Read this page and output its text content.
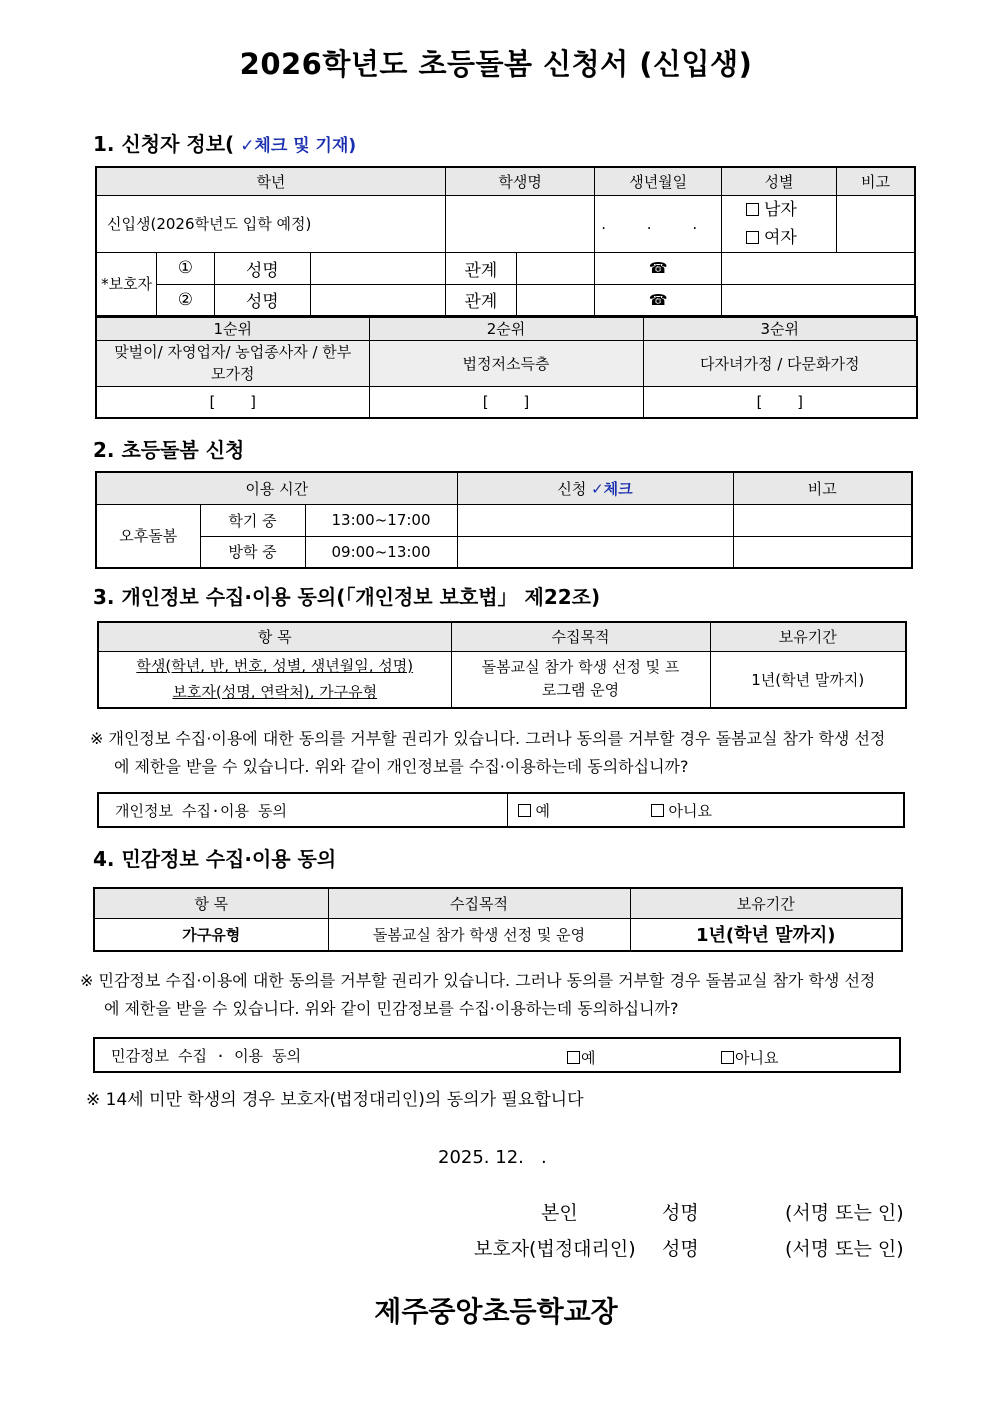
2026학년도 초등돌봄 신청서 (신입생)
1. 신청자 정보( ✓체크 및 기재)
학년				학생명		생년월일	성별	비고
신입생(2026학년도 입학 예정)						. . .	남자
여자	

*보호자	①	성명		관계		☎		
	②	성명		관계		☎		
1순위	2순위	3순위
맞벌이/ 자영업자/ 농업종사자 / 한부모가정	법정저소득층	다자녀가정 / 다문화가정
[ ]	[ ]	[ ]
2. 초등돌봄 신청
이용 시간			신청 ✓체크	비고
오후돌봄	학기 중	13:00~17:00		
	방학 중	09:00~13:00		
3. 개인정보 수집·이용 동의(「개인정보 보호법」 제22조)
항 목	수집목적	보유기간

학생(학년, 반, 번호, 성별, 생년월일, 성명)
보호자(성명, 연락처), 가구유형	돌봄교실 참가 학생 선정 및 프로그램 운영	1년(학년 말까지)
※ 개인정보 수집·이용에 대한 동의를 거부할 권리가 있습니다. 그러나 동의를 거부할 경우 돌봄교실 참가 학생 선정
에 제한을 받을 수 있습니다. 위와 같이 개인정보를 수집·이용하는데 동의하십니까?
개인정보 수집·이용 동의	예	아니요
4. 민감정보 수집·이용 동의
항 목	수집목적	보유기간
가구유형	돌봄교실 참가 학생 선정 및 운영	1년(학년 말까지)
※ 민감정보 수집·이용에 대한 동의를 거부할 권리가 있습니다. 그러나 동의를 거부할 경우 돌봄교실 참가 학생 선정
에 제한을 받을 수 있습니다. 위와 같이 민감정보를 수집·이용하는데 동의하십니까?
민감정보 수집 · 이용 동의	예	아니요
※ 14세 미만 학생의 경우 보호자(법정대리인)의 동의가 필요합니다
2025. 12.   .
본인	성명	(서명 또는 인)
보호자(법정대리인) 성명	(서명 또는 인)
제주중앙초등학교장
